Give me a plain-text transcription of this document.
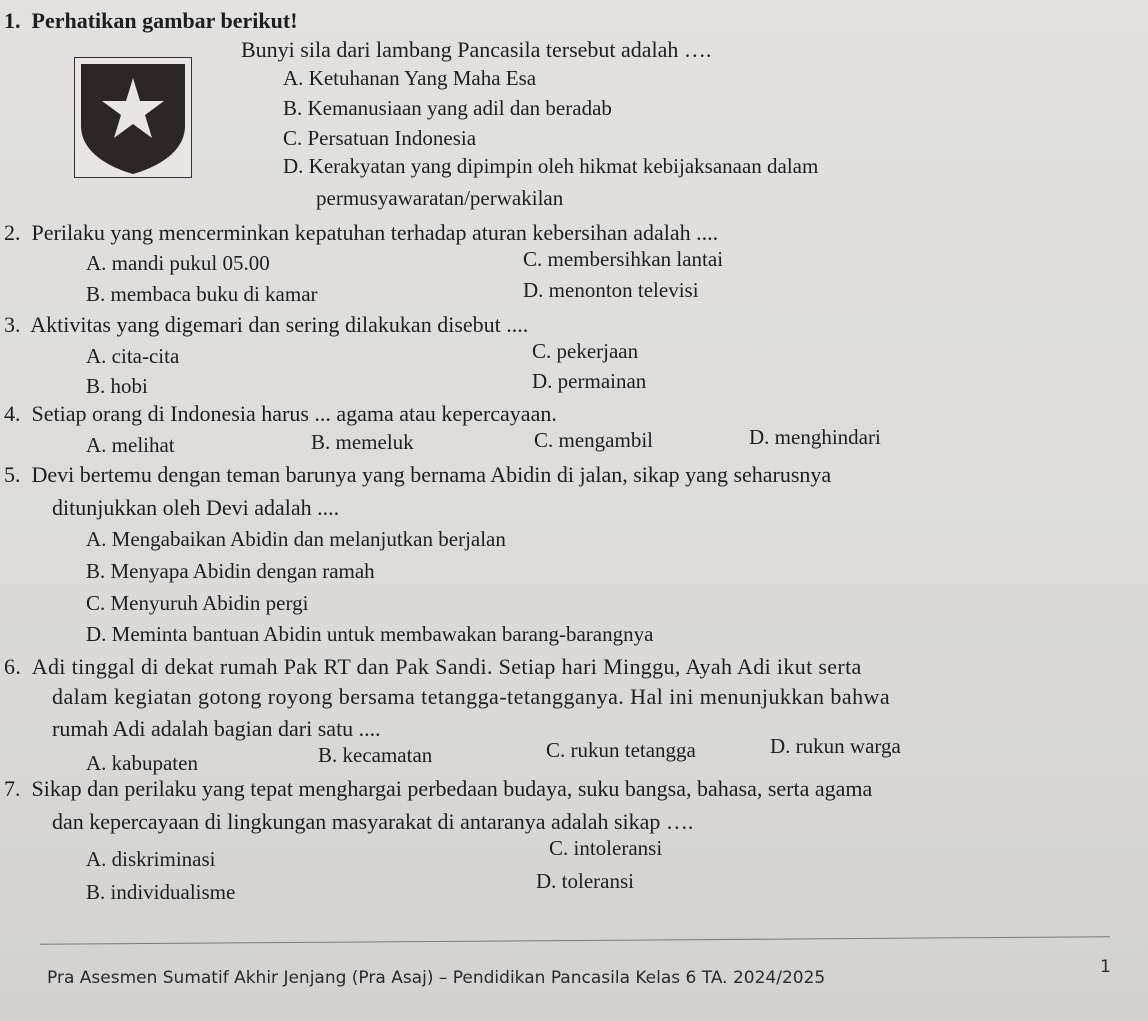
1. Perhatikan gambar berikut!
Bunyi sila dari lambang Pancasila tersebut adalah ….
A. Ketuhanan Yang Maha Esa
B. Kemanusiaan yang adil dan beradab
C. Persatuan Indonesia
D. Kerakyatan yang dipimpin oleh hikmat kebijaksanaan dalam
permusyawaratan/perwakilan
2. Perilaku yang mencerminkan kepatuhan terhadap aturan kebersihan adalah ....
A. mandi pukul 05.00
B. membaca buku di kamar
C. membersihkan lantai
D. menonton televisi
3. Aktivitas yang digemari dan sering dilakukan disebut ....
A. cita-cita
B. hobi
C. pekerjaan
D. permainan
4. Setiap orang di Indonesia harus ... agama atau kepercayaan.
A. melihat	B. memeluk	C. mengambil	D. menghindari
5. Devi bertemu dengan teman barunya yang bernama Abidin di jalan, sikap yang seharusnya
ditunjukkan oleh Devi adalah ....
A. Mengabaikan Abidin dan melanjutkan berjalan
B. Menyapa Abidin dengan ramah
C. Menyuruh Abidin pergi
D. Meminta bantuan Abidin untuk membawakan barang-barangnya
6. Adi tinggal di dekat rumah Pak RT dan Pak Sandi. Setiap hari Minggu, Ayah Adi ikut serta
dalam kegiatan gotong royong bersama tetangga-tetangganya. Hal ini menunjukkan bahwa
rumah Adi adalah bagian dari satu ....
A. kabupaten	B. kecamatan	C. rukun tetangga	D. rukun warga
7. Sikap dan perilaku yang tepat menghargai perbedaan budaya, suku bangsa, bahasa, serta agama
dan kepercayaan di lingkungan masyarakat di antaranya adalah sikap ….
A. diskriminasi
B. individualisme
C. intoleransi
D. toleransi
Pra Asesmen Sumatif Akhir Jenjang (Pra Asaj) – Pendidikan Pancasila Kelas 6 TA. 2024/2025
1
